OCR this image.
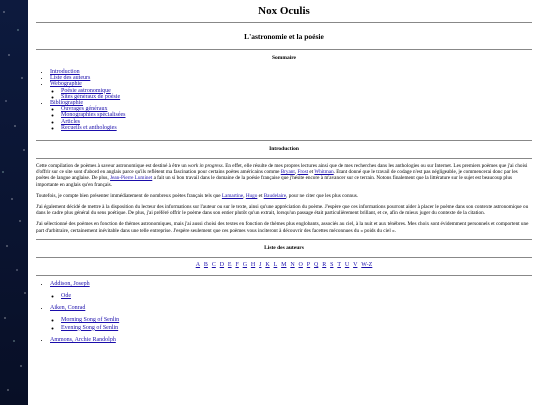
Nox Oculis
L'astronomie et la poésie
Sommaire
• Introduction
• Liste des auteurs
• Webographie
◦ Poésie astronomique
◦ Sites généraux de poésie
• Bibliographie
◦ Ouvrages généraux
◦ Monographies spécialisées
◦ Articles
◦ Recueils et anthologies
Introduction

Cette compilation de poèmes à saveur astronomique est destiné à être un work in progress. En effet, elle résulte de mes propres lectures ainsi que de mes recherches dans les anthologies ou sur Internet. Les premiers poèmes que j'ai choisi d'offrir sur ce site sont d'abord en anglais parce qu'ils reflètent ma fascination pour certains poètes américains comme Bryant, Frost et Whitman. Etant donné que le travail de codage n'est pas négligeable, je commencerai donc par les poètes de langue anglaise. De plus, Jean-Pierre Luminet a fait un si bon travail dans le domaine de la poésie française que j'hésite encore à m'avancer sur ce terrain. Notons finalement que la littérature sur le sujet est beaucoup plus importante en anglais qu'en français.

Toutefois, je compte bien présenter immédiatement de nombreux poètes français tels que Lamartine, Hugo et Baudelaire, pour ne citer que les plus connus.

J'ai également décidé de mettre à la disposition du lecteur des informations sur l'auteur ou sur le texte, ainsi qu'une appréciation du poème. J'espère que ces informations pourront aider à placer le poème dans son contexte astronomique ou dans le cadre plus général du sens poétique. De plus, j'ai préféré offrir le poème dans son entier plutôt qu'un extrait, lorsqu'un passage était particulièrement brillant, et ce, afin de mieux juger du contexte de la citation.

J'ai sélectionné des poèmes en fonction de thèmes astronomiques, mais j'ai aussi choisi des textes en fonction de thèmes plus englobants, associés au ciel, à la nuit et aux ténèbres. Mes choix sont évidemment personnels et comportent une part d'arbitraire, certainement inévitable dans une telle entreprise. J'espère seulement que ces poèmes vous inciteront à découvrir des facettes méconnues du « poids du ciel ».

Liste des auteurs
A B C D E F G H J K L M N O P Q R S T U V W-Z
• Addison, Joseph
◦ Ode
• Aiken, Conrad
◦ Morning Song of Senlin
◦ Evening Song of Senlin
• Ammons, Archie Randolph
